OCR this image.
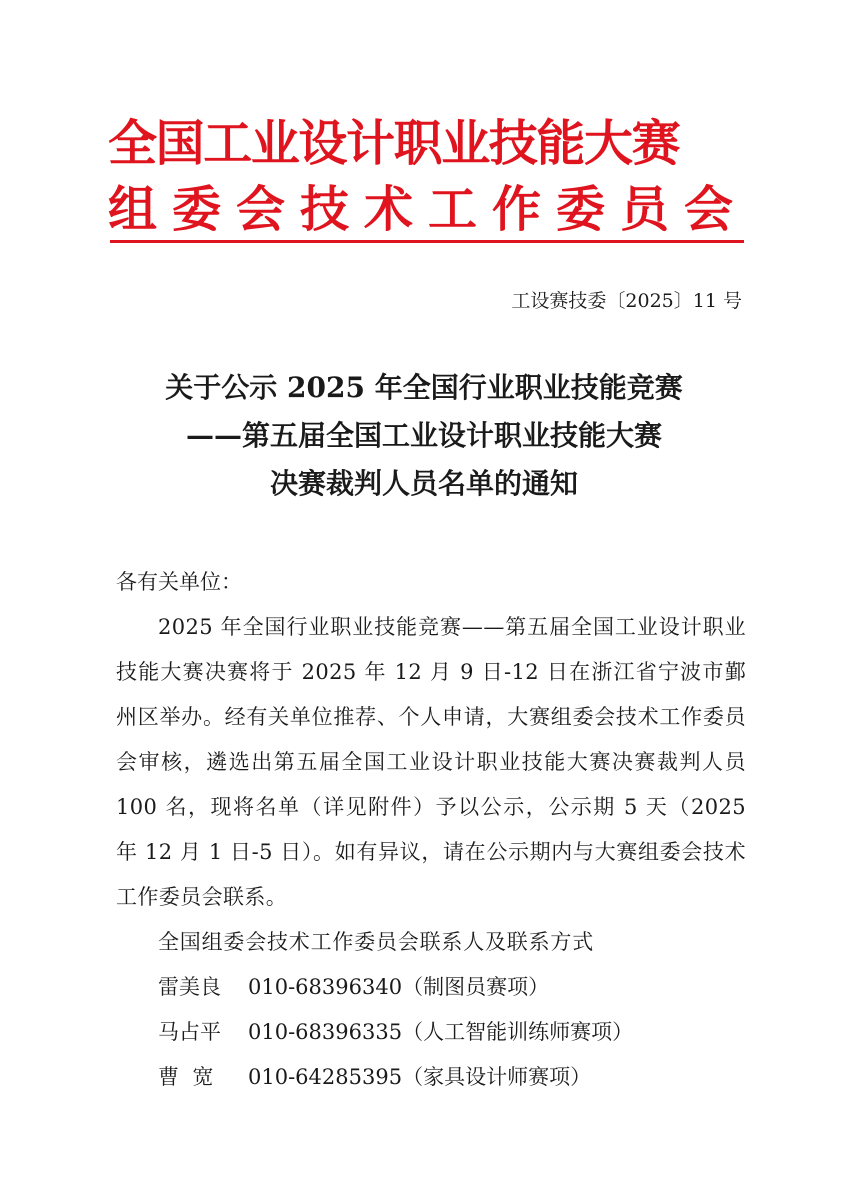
全国工业设计职业技能大赛
组委会技术工作委员会
工设赛技委〔2025〕11 号
关于公示 2025 年全国行业职业技能竞赛
——第五届全国工业设计职业技能大赛
决赛裁判人员名单的通知

各有关单位：

2025 年全国行业职业技能竞赛——第五届全国工业设计职业技能大赛决赛将于 2025 年 12 月 9 日-12 日在浙江省宁波市鄞州区举办。经有关单位推荐、个人申请，大赛组委会技术工作委员会审核，遴选出第五届全国工业设计职业技能大赛决赛裁判人员 100 名，现将名单（详见附件）予以公示，公示期 5 天（2025 年 12 月 1 日-5 日）。如有异议，请在公示期内与大赛组委会技术工作委员会联系。

全国组委会技术工作委员会联系人及联系方式

雷美良	010-68396340（制图员赛项）
马占平	010-68396335（人工智能训练师赛项）
曹  宽	010-64285395（家具设计师赛项）
